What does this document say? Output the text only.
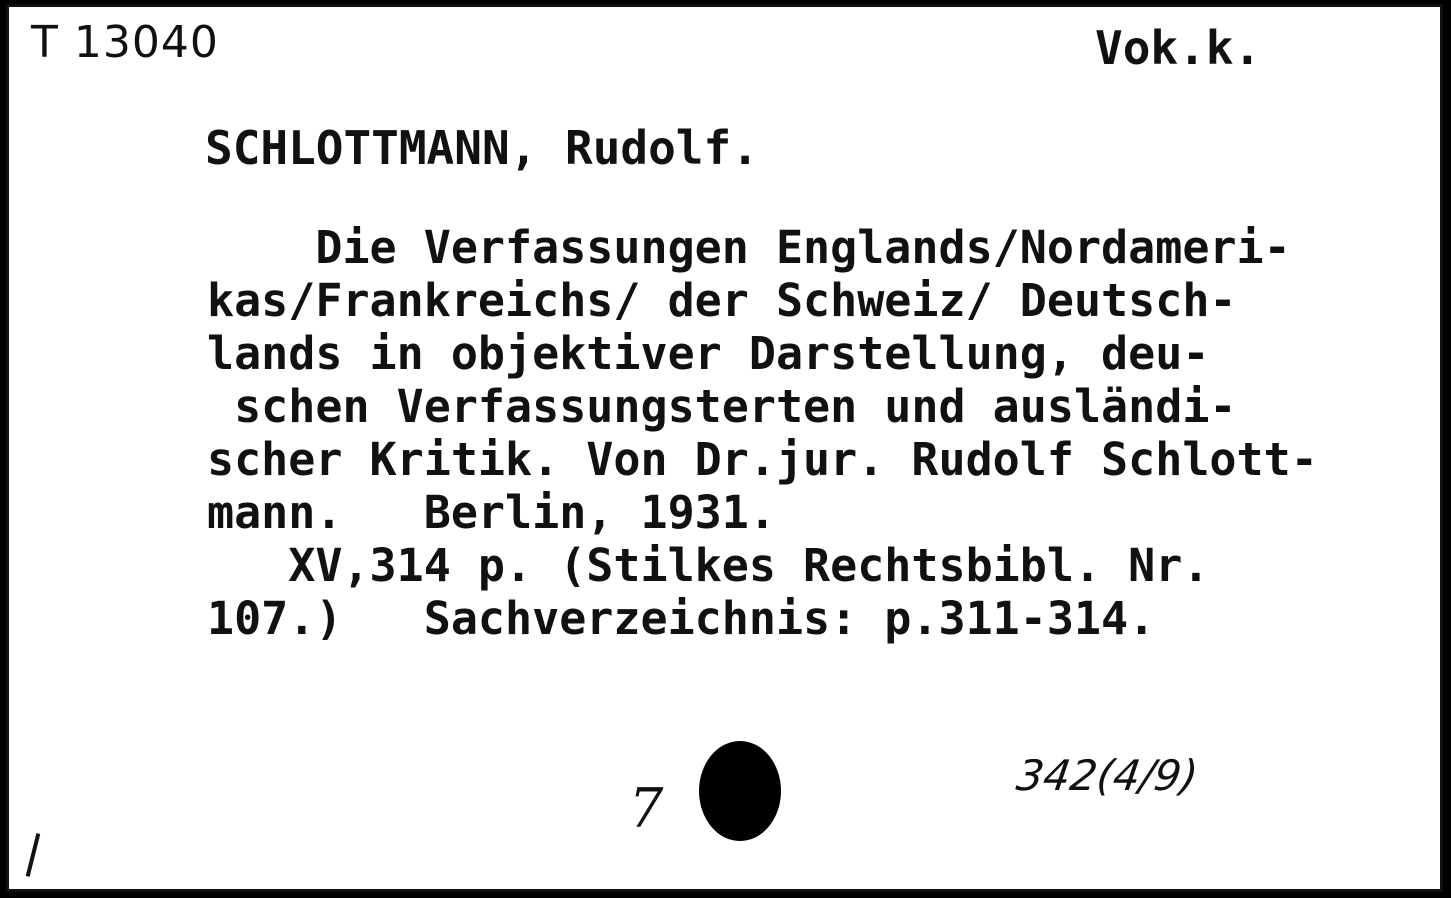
T 13040	Vok.k.
SCHLOTTMANN, Rudolf.
Die Verfassungen Englands/Nordameri-
kas/Frankreichs/ der Schweiz/ Deutsch-
lands in objektiver Darstellung, deu-
schen Verfassungsterten und ausländi-
scher Kritik. Von Dr.jur. Rudolf Schlott-
mann.   Berlin, 1931.
XV,314 p. (Stilkes Rechtsbibl. Nr.
107.)   Sachverzeichnis: p.311-314.
7
342(4/9)
